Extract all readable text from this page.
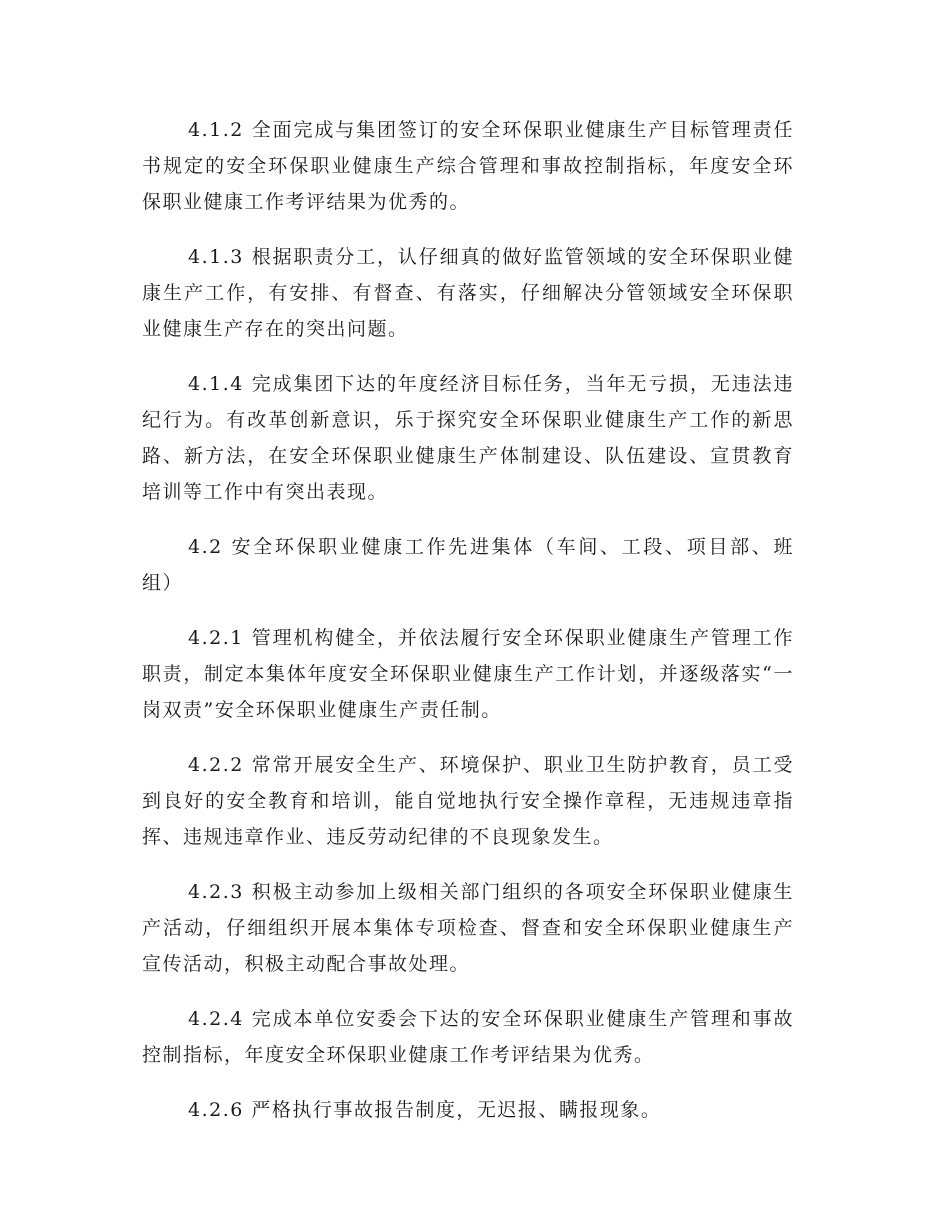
4.1.2 全面完成与集团签订的安全环保职业健康生产目标管理责任书规定的安全环保职业健康生产综合管理和事故控制指标，年度安全环保职业健康工作考评结果为优秀的。

4.1.3 根据职责分工，认仔细真的做好监管领域的安全环保职业健康生产工作，有安排、有督查、有落实，仔细解决分管领域安全环保职业健康生产存在的突出问题。

4.1.4 完成集团下达的年度经济目标任务，当年无亏损，无违法违纪行为。有改革创新意识，乐于探究安全环保职业健康生产工作的新思路、新方法，在安全环保职业健康生产体制建设、队伍建设、宣贯教育培训等工作中有突出表现。

4.2 安全环保职业健康工作先进集体（车间、工段、项目部、班组）

4.2.1 管理机构健全，并依法履行安全环保职业健康生产管理工作职责，制定本集体年度安全环保职业健康生产工作计划，并逐级落实“一岗双责”安全环保职业健康生产责任制。

4.2.2 常常开展安全生产、环境保护、职业卫生防护教育，员工受到良好的安全教育和培训，能自觉地执行安全操作章程，无违规违章指挥、违规违章作业、违反劳动纪律的不良现象发生。

4.2.3 积极主动参加上级相关部门组织的各项安全环保职业健康生产活动，仔细组织开展本集体专项检查、督查和安全环保职业健康生产宣传活动，积极主动配合事故处理。

4.2.4 完成本单位安委会下达的安全环保职业健康生产管理和事故控制指标，年度安全环保职业健康工作考评结果为优秀。

4.2.6 严格执行事故报告制度，无迟报、瞒报现象。
